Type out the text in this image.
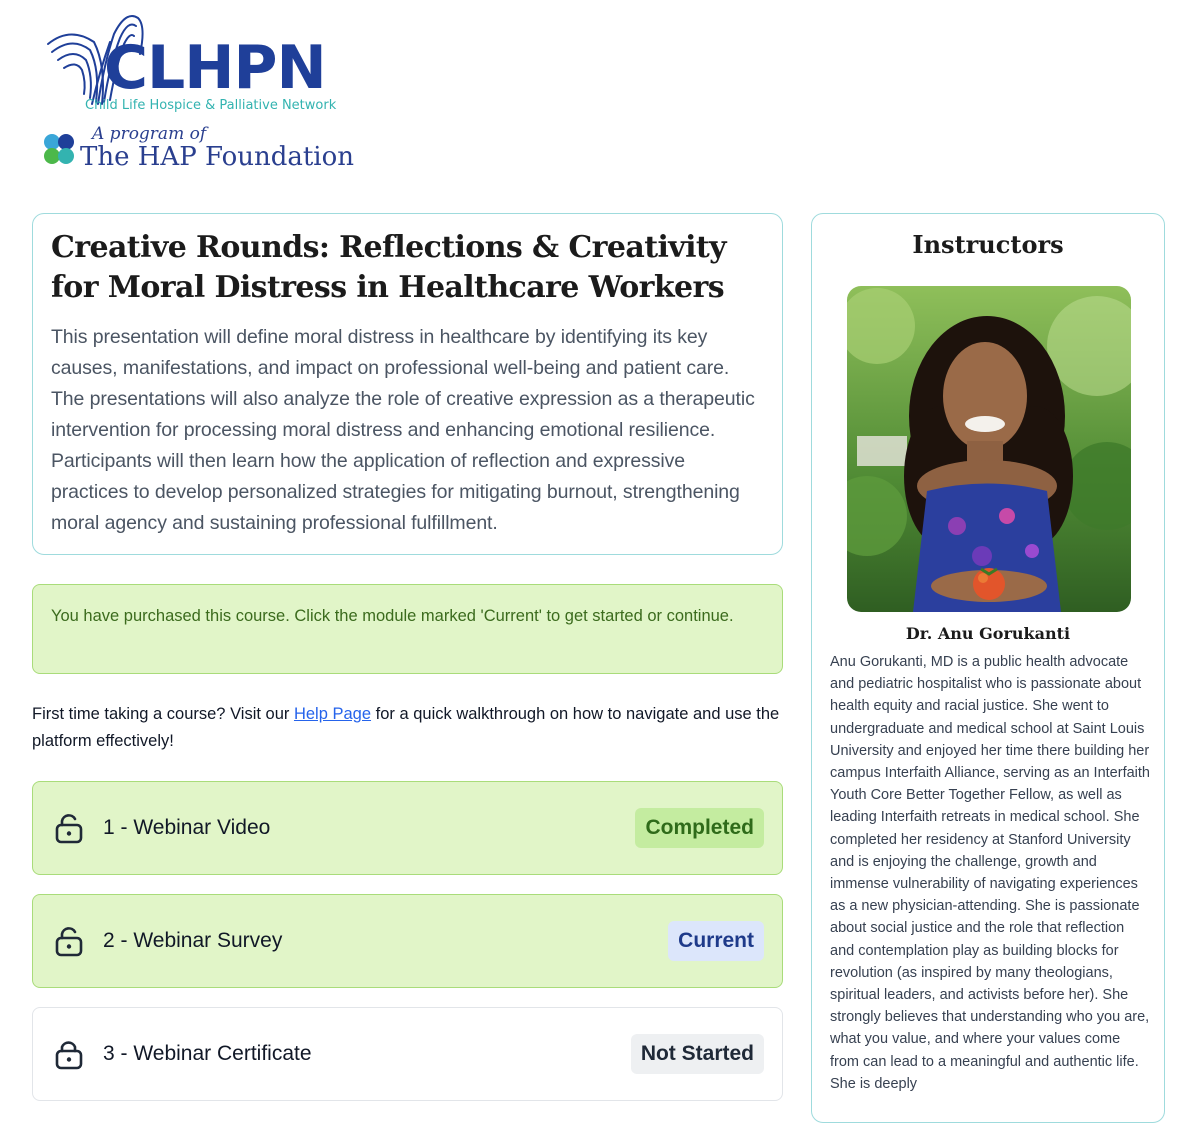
CLHPN
Child Life Hospice & Palliative Network
A program of
The HAP Foundation
Creative Rounds: Reflections & Creativity for Moral Distress in Healthcare Workers
This presentation will define moral distress in healthcare by identifying its key causes, manifestations, and impact on professional well-being and patient care. The presentations will also analyze the role of creative expression as a therapeutic intervention for processing moral distress and enhancing emotional resilience. Participants will then learn how the application of reflection and expressive practices to develop personalized strategies for mitigating burnout, strengthening moral agency and sustaining professional fulfillment.
You have purchased this course. Click the module marked 'Current' to get started or continue.
First time taking a course? Visit our Help Page for a quick walkthrough on how to navigate and use the platform effectively!
1 - Webinar Video	Completed
2 - Webinar Survey	Current
3 - Webinar Certificate	Not Started
Instructors
Dr. Anu Gorukanti
Anu Gorukanti, MD is a public health advocate and pediatric hospitalist who is passionate about health equity and racial justice. She went to undergraduate and medical school at Saint Louis University and enjoyed her time there building her campus Interfaith Alliance, serving as an Interfaith Youth Core Better Together Fellow, as well as leading Interfaith retreats in medical school. She completed her residency at Stanford University and is enjoying the challenge, growth and immense vulnerability of navigating experiences as a new physician-attending. She is passionate about social justice and the role that reflection and contemplation play as building blocks for revolution (as inspired by many theologians, spiritual leaders, and activists before her). She strongly believes that understanding who you are, what you value, and where your values come from can lead to a meaningful and authentic life. She is deeply
